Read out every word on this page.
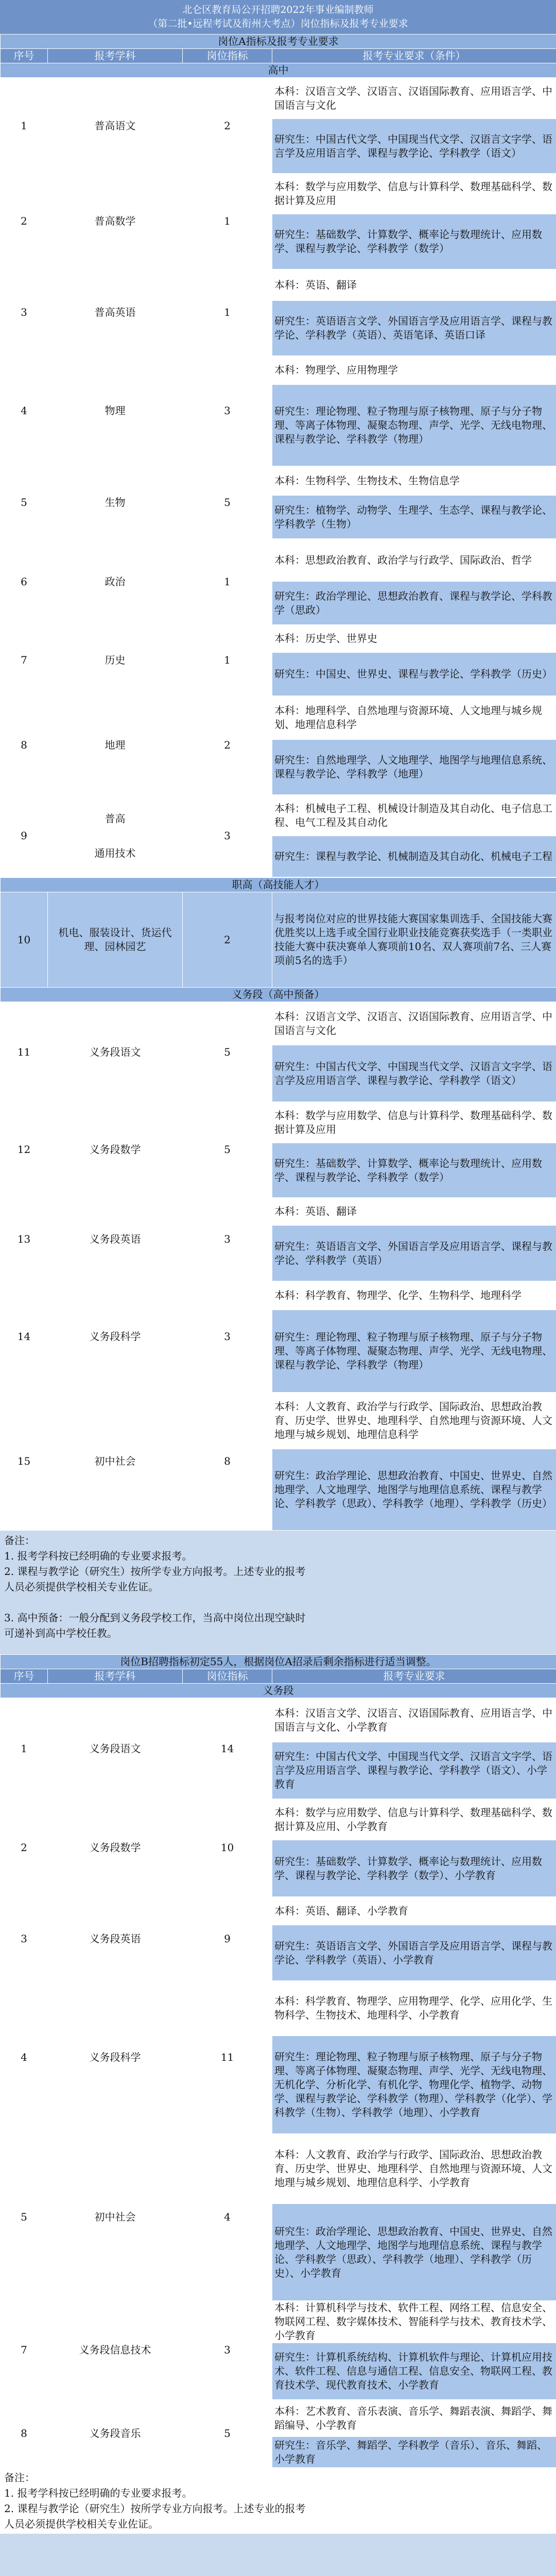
北仑区教育局公开招聘2022年事业编制教师
（第二批•远程考试及衔州大考点）岗位指标及报考专业要求
岗位A指标及报考专业要求
序号	报考学科	岗位指标	报考专业要求（条件）
高中
1	普高语文	2	本科：汉语言文学、汉语言、汉语国际教育、应用语言学、中国语言与文化
			研究生：中国古代文学、中国现当代文学、汉语言文字学、语言学及应用语言学、课程与教学论、学科教学（语文）
2	普高数学	1	本科：数学与应用数学、信息与计算科学、数理基础科学、数据计算及应用
			研究生：基础数学、计算数学、概率论与数理统计、应用数学、课程与教学论、学科教学（数学）
3	普高英语	1	本科：英语、翻译
			研究生：英语语言文学、外国语言学及应用语言学、课程与教学论、学科教学（英语）、英语笔译、英语口译
4	物理	3	本科：物理学、应用物理学
			研究生：理论物理、粒子物理与原子核物理、原子与分子物理、等离子体物理、凝聚态物理、声学、光学、无线电物理、课程与教学论、学科教学（物理）
5	生物	5	本科：生物科学、生物技术、生物信息学
			研究生：植物学、动物学、生理学、生态学、课程与教学论、学科教学（生物）
6	政治	1	本科：思想政治教育、政治学与行政学、国际政治、哲学
			研究生：政治学理论、思想政治教育、课程与教学论、学科教学（思政）
7	历史	1	本科：历史学、世界史
			研究生：中国史、世界史、课程与教学论、学科教学（历史）
8	地理	2	本科：地理科学、自然地理与资源环境、人文地理与城乡规划、地理信息科学
			研究生：自然地理学、人文地理学、地图学与地理信息系统、课程与教学论、学科教学（地理）
9	普高
通用技术	3	本科：机械电子工程、机械设计制造及其自动化、电子信息工程、电气工程及其自动化
			研究生：课程与教学论、机械制造及其自动化、机械电子工程
职高（高技能人才）
10	机电、服装设计、货运代理、园林园艺	2	与报考岗位对应的世界技能大赛国家集训选手、全国技能大赛优胜奖以上选手或全国行业职业技能竞赛获奖选手（一类职业技能大赛中获决赛单人赛项前10名、双人赛项前7名、三人赛项前5名的选手）
义务段（高中预备）
11	义务段语文	5	本科：汉语言文学、汉语言、汉语国际教育、应用语言学、中国语言与文化
			研究生：中国古代文学、中国现当代文学、汉语言文字学、语言学及应用语言学、课程与教学论、学科教学（语文）
12	义务段数学	5	本科：数学与应用数学、信息与计算科学、数理基础科学、数据计算及应用
			研究生：基础数学、计算数学、概率论与数理统计、应用数学、课程与教学论、学科教学（数学）
13	义务段英语	3	本科：英语、翻译
			研究生：英语语言文学、外国语言学及应用语言学、课程与教学论、学科教学（英语）
14	义务段科学	3	本科：科学教育、物理学、化学、生物科学、地理科学
			研究生：理论物理、粒子物理与原子核物理、原子与分子物理、等离子体物理、凝聚态物理、声学、光学、无线电物理、课程与教学论、学科教学（物理）
15	初中社会	8	本科：人文教育、政治学与行政学、国际政治、思想政治教育、历史学、世界史、地理科学、自然地理与资源环境、人文地理与城乡规划、地理信息科学
			研究生：政治学理论、思想政治教育、中国史、世界史、自然地理学、人文地理学、地图学与地理信息系统、课程与教学论、学科教学（思政）、学科教学（地理）、学科教学（历史）
备注：
1. 报考学科按已经明确的专业要求报考。
2. 课程与教学论（研究生）按所学专业方向报考。上述专业的报考
人员必须提供学校相关专业佐证。
3. 高中预备：一般分配到义务段学校工作，当高中岗位出现空缺时
可递补到高中学校任教。
岗位B招聘指标初定55人，根据岗位A招录后剩余指标进行适当调整。
序号	报考学科	岗位指标	报考专业要求
义务段
1	义务段语文	14	本科：汉语言文学、汉语言、汉语国际教育、应用语言学、中国语言与文化、小学教育
			研究生：中国古代文学、中国现当代文学、汉语言文字学、语言学及应用语言学、课程与教学论、学科教学（语文）、小学教育
2	义务段数学	10	本科：数学与应用数学、信息与计算科学、数理基础科学、数据计算及应用、小学教育
			研究生：基础数学、计算数学、概率论与数理统计、应用数学、课程与教学论、学科教学（数学）、小学教育
3	义务段英语	9	本科：英语、翻译、小学教育
			研究生：英语语言文学、外国语言学及应用语言学、课程与教学论、学科教学（英语）、小学教育
4	义务段科学	11	本科：科学教育、物理学、应用物理学、化学、应用化学、生物科学、生物技术、地理科学、小学教育
			研究生：理论物理、粒子物理与原子核物理、原子与分子物理、等离子体物理、凝聚态物理、声学、光学、无线电物理、无机化学、分析化学、有机化学、物理化学、植物学、动物学、课程与教学论、学科教学（物理）、学科教学（化学）、学科教学（生物）、学科教学（地理）、小学教育
5	初中社会	4	本科：人文教育、政治学与行政学、国际政治、思想政治教育、历史学、世界史、地理科学、自然地理与资源环境、人文地理与城乡规划、地理信息科学、小学教育
			研究生：政治学理论、思想政治教育、中国史、世界史、自然地理学、人文地理学、地图学与地理信息系统、课程与教学论、学科教学（思政）、学科教学（地理）、学科教学（历史）、小学教育
7	义务段信息技术	3	本科：计算机科学与技术、软件工程、网络工程、信息安全、物联网工程、数字媒体技术、智能科学与技术、教育技术学、小学教育
			研究生：计算机系统结构、计算机软件与理论、计算机应用技术、软件工程、信息与通信工程、信息安全、物联网工程、教育技术学、现代教育技术、小学教育
8	义务段音乐	5	本科：艺术教育、音乐表演、音乐学、舞蹈表演、舞蹈学、舞蹈编导、小学教育
			研究生：音乐学、舞蹈学、学科教学（音乐）、音乐、舞蹈、小学教育
备注：
1. 报考学科按已经明确的专业要求报考。
2. 课程与教学论（研究生）按所学专业方向报考。上述专业的报考
人员必须提供学校相关专业佐证。
